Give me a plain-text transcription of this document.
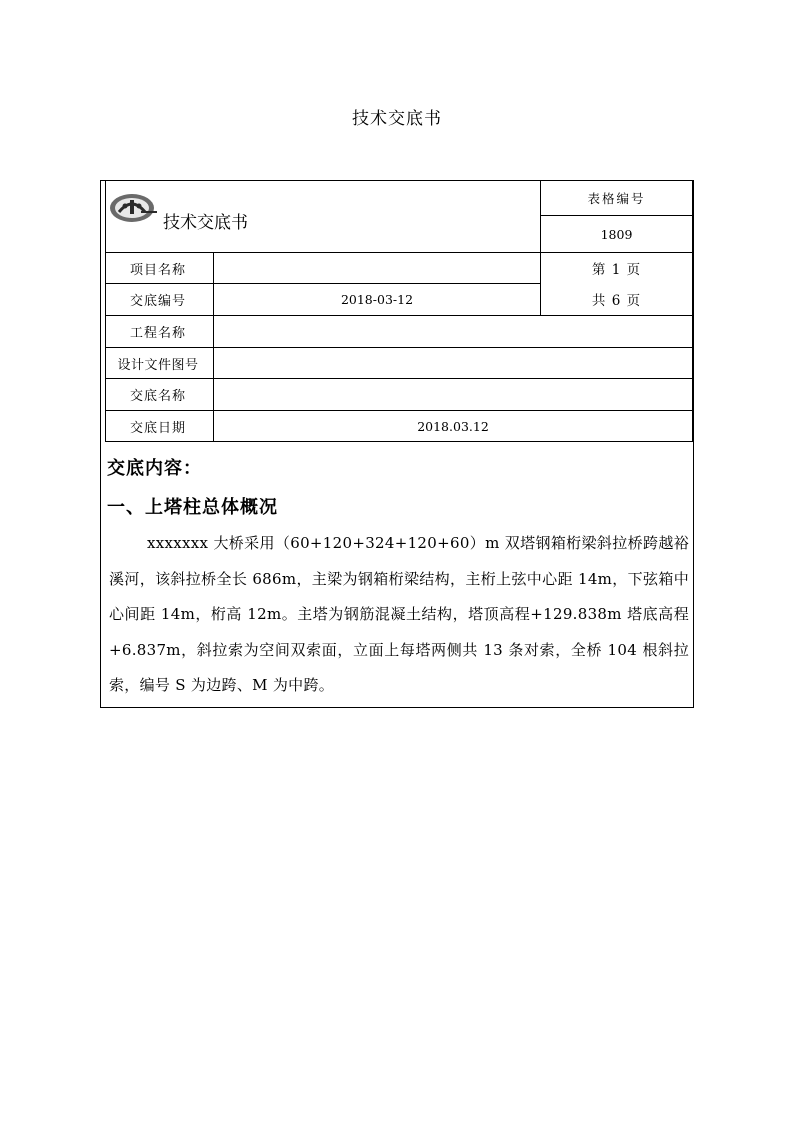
技术交底书
技术交底书
表格编号
1809
第 1 页
共 6 页
项目名称
交底编号	2018-03-12
工程名称
设计文件图号
交底名称
交底日期	2018.03.12
交底内容：
一、上塔柱总体概况
xxxxxxx 大桥采用（60+120+324+120+60）m 双塔钢箱桁梁斜拉桥跨越裕溪河，该斜拉桥全长 686m，主梁为钢箱桁梁结构，主桁上弦中心距 14m，下弦箱中心间距 14m，桁高 12m。主塔为钢筋混凝土结构，塔顶高程+129.838m 塔底高程+6.837m，斜拉索为空间双索面，立面上每塔两侧共 13 条对索，全桥 104 根斜拉索，编号 S 为边跨、M 为中跨。
